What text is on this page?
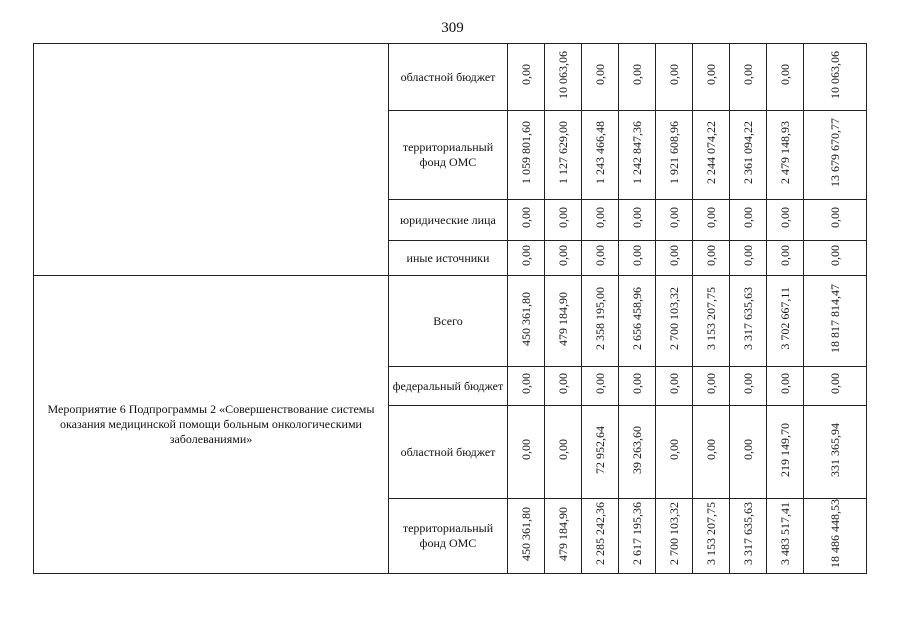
309
	областной бюджет	0,00	10 063,06	0,00	0,00	0,00	0,00	0,00	0,00	10 063,06
	территориальный фонд ОМС	1 059 801,60	1 127 629,00	1 243 466,48	1 242 847,36	1 921 608,96	2 244 074,22	2 361 094,22	2 479 148,93	13 679 670,77
	юридические лица	0,00	0,00	0,00	0,00	0,00	0,00	0,00	0,00	0,00
	иные источники	0,00	0,00	0,00	0,00	0,00	0,00	0,00	0,00	0,00
Мероприятие 6 Подпрограммы 2 «Совершенствование системы оказания медицинской помощи больным онкологическими заболеваниями»	Всего	450 361,80	479 184,90	2 358 195,00	2 656 458,96	2 700 103,32	3 153 207,75	3 317 635,63	3 702 667,11	18 817 814,47
	федеральный бюджет	0,00	0,00	0,00	0,00	0,00	0,00	0,00	0,00	0,00
	областной бюджет	0,00	0,00	72 952,64	39 263,60	0,00	0,00	0,00	219 149,70	331 365,94
	территориальный фонд ОМС	450 361,80	479 184,90	2 285 242,36	2 617 195,36	2 700 103,32	3 153 207,75	3 317 635,63	3 483 517,41	18 486 448,53
